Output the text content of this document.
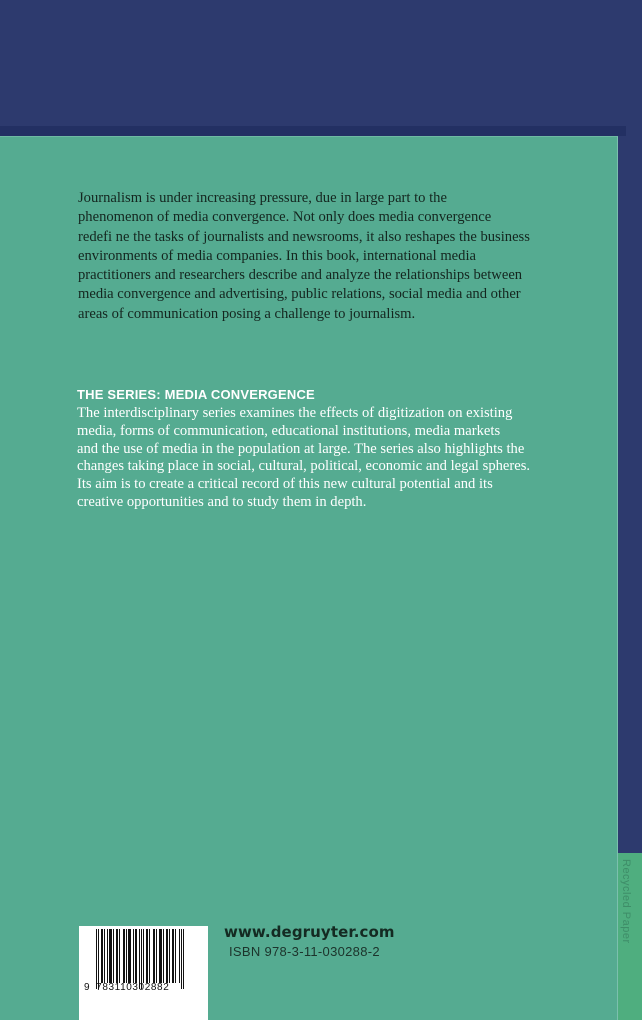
Journalism is under increasing pressure, due in large part to the
phenomenon of media convergence. Not only does media convergence
redefi ne the tasks of journalists and newsrooms, it also reshapes the business
environments of media companies. In this book, international media
practitioners and researchers describe and analyze the relationships between
media convergence and advertising, public relations, social media and other
areas of communication posing a challenge to journalism.

THE SERIES: MEDIA CONVERGENCE

The interdisciplinary series examines the effects of digitization on existing
media, forms of communication, educational institutions, media markets
and the use of media in the population at large. The series also highlights the
changes taking place in social, cultural, political, economic and legal spheres.
Its aim is to create a critical record of this new cultural potential and its
creative opportunities and to study them in depth.

9 783110302882
www.degruyter.com
ISBN 978-3-11-030288-2
Recycled Paper
